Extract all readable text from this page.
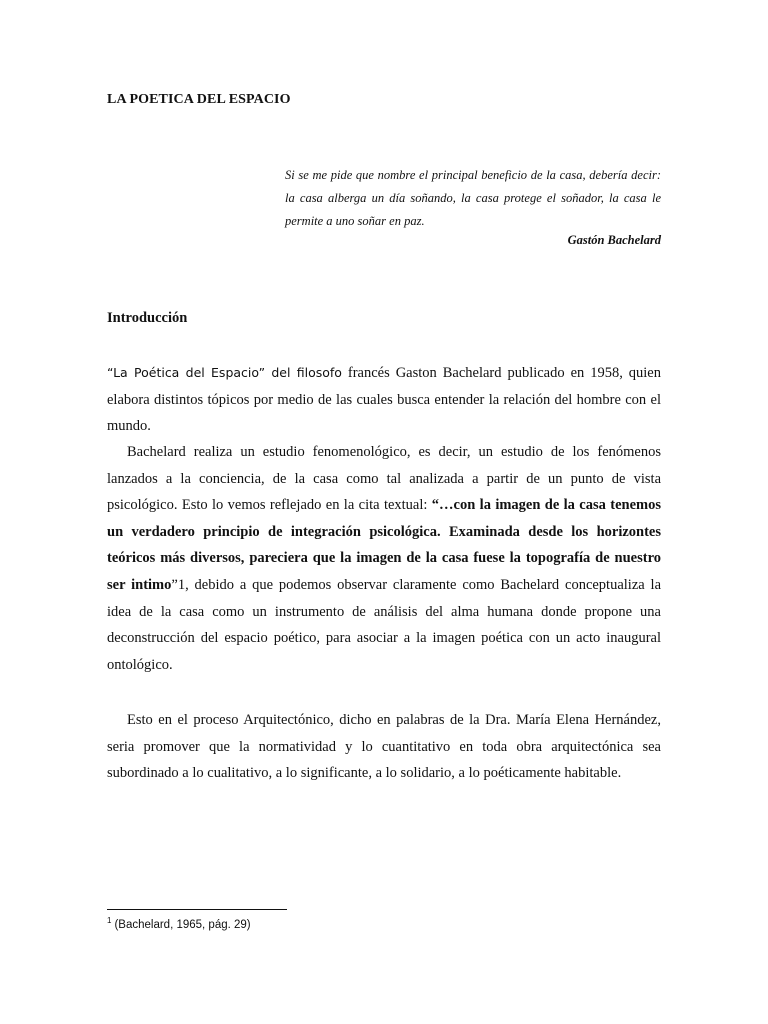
LA POETICA DEL ESPACIO
Si se me pide que nombre el principal beneficio de la casa, debería decir: la casa alberga un día soñando, la casa protege el soñador, la casa le permite a uno soñar en paz.
Gastón Bachelard
Introducción
“La Poética del Espacio” del filosofo francés Gaston Bachelard publicado en 1958, quien elabora distintos tópicos por medio de las cuales busca entender la relación del hombre con el mundo.
Bachelard realiza un estudio fenomenológico, es decir, un estudio de los fenómenos lanzados a la conciencia, de la casa como tal analizada a partir de un punto de vista psicológico. Esto lo vemos reflejado en la cita textual: “…con la imagen de la casa tenemos un verdadero principio de integración psicológica. Examinada desde los horizontes teóricos más diversos, pareciera que la imagen de la casa fuese la topografía de nuestro ser intimo”1, debido a que podemos observar claramente como Bachelard conceptualiza la idea de la casa como un instrumento de análisis del alma humana donde propone una deconstrucción del espacio poético, para asociar a la imagen poética con un acto inaugural ontológico.
Esto en el proceso Arquitectónico, dicho en palabras de la Dra. María Elena Hernández, seria promover que la normatividad y lo cuantitativo en toda obra arquitectónica sea subordinado a lo cualitativo, a lo significante, a lo solidario, a lo poéticamente habitable.
$^1$ (Bachelard, 1965, pág. 29)
